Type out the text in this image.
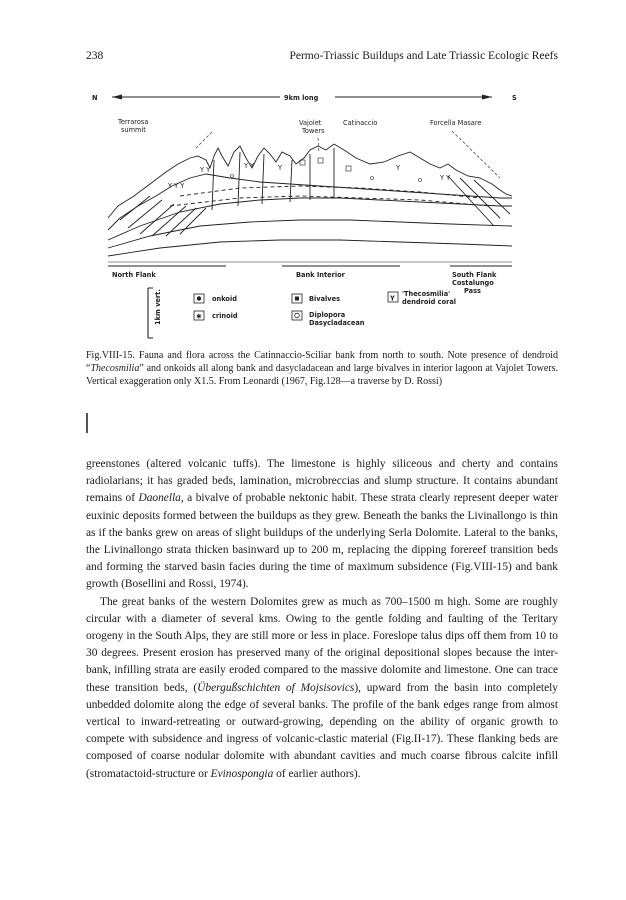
238	Permo-Triassic Buildups and Late Triassic Ecologic Reefs
N	9km long	S
Terrarosa
summit
Vajolet
Towers
Catinaccio	Forcella Masare
Y Y Y
Y Y	Y Y	Y	Y
Y Y
North Flank	Bank Interior	South Flank
Costalungo
Pass
1km vert.	onkoid
✱ crinoid
Bivalves
Diplopora
Dasycladacean
Y
'Thecosmilia'
dendroid coral
Fig.VIII-15. Fauna and flora across the Catinnaccio-Sciliar bank from north to south. Note presence of dendroid “Thecosmilia” and onkoids all along bank and dasycladacean and large bivalves in interior lagoon at Vajolet Towers. Vertical exaggeration only X1.5. From Leonardi (1967, Fig.128—a traverse by D. Rossi)

greenstones (altered volcanic tuffs). The limestone is highly siliceous and cherty and contains radiolarians; it has graded beds, lamination, microbreccias and slump structure. It contains abundant remains of Daonella, a bivalve of probable nektonic habit. These strata clearly represent deeper water euxinic deposits formed between the buildups as they grew. Beneath the banks the Livinallongo is thin as if the banks grew on areas of slight buildups of the underlying Serla Dolomite. Lateral to the banks, the Livinallongo strata thicken basinward up to 200 m, replacing the dipping forereef transition beds and forming the starved basin facies during the time of maximum subsidence (Fig.VIII-15) and bank growth (Bosellini and Rossi, 1974).

The great banks of the western Dolomites grew as much as 700–1500 m high. Some are roughly circular with a diameter of several kms. Owing to the gentle folding and faulting of the Teritary orogeny in the South Alps, they are still more or less in place. Foreslope talus dips off them from 10 to 30 degrees. Present erosion has preserved many of the original depositional slopes because the inter-bank, infilling strata are easily eroded compared to the massive dolomite and limestone. One can trace these transition beds, (Übergußschichten of Mojsisovics), upward from the basin into completely unbedded dolomite along the edge of several banks. The profile of the bank edges range from almost vertical to inward-retreating or outward-growing, depending on the ability of organic growth to compete with subsidence and ingress of volcanic-clastic material (Fig.II-17). These flanking beds are composed of coarse nodular dolomite with abundant cavities and much coarse fibrous calcite infill (stromatactoid-structure or Evinospongia of earlier authors).
